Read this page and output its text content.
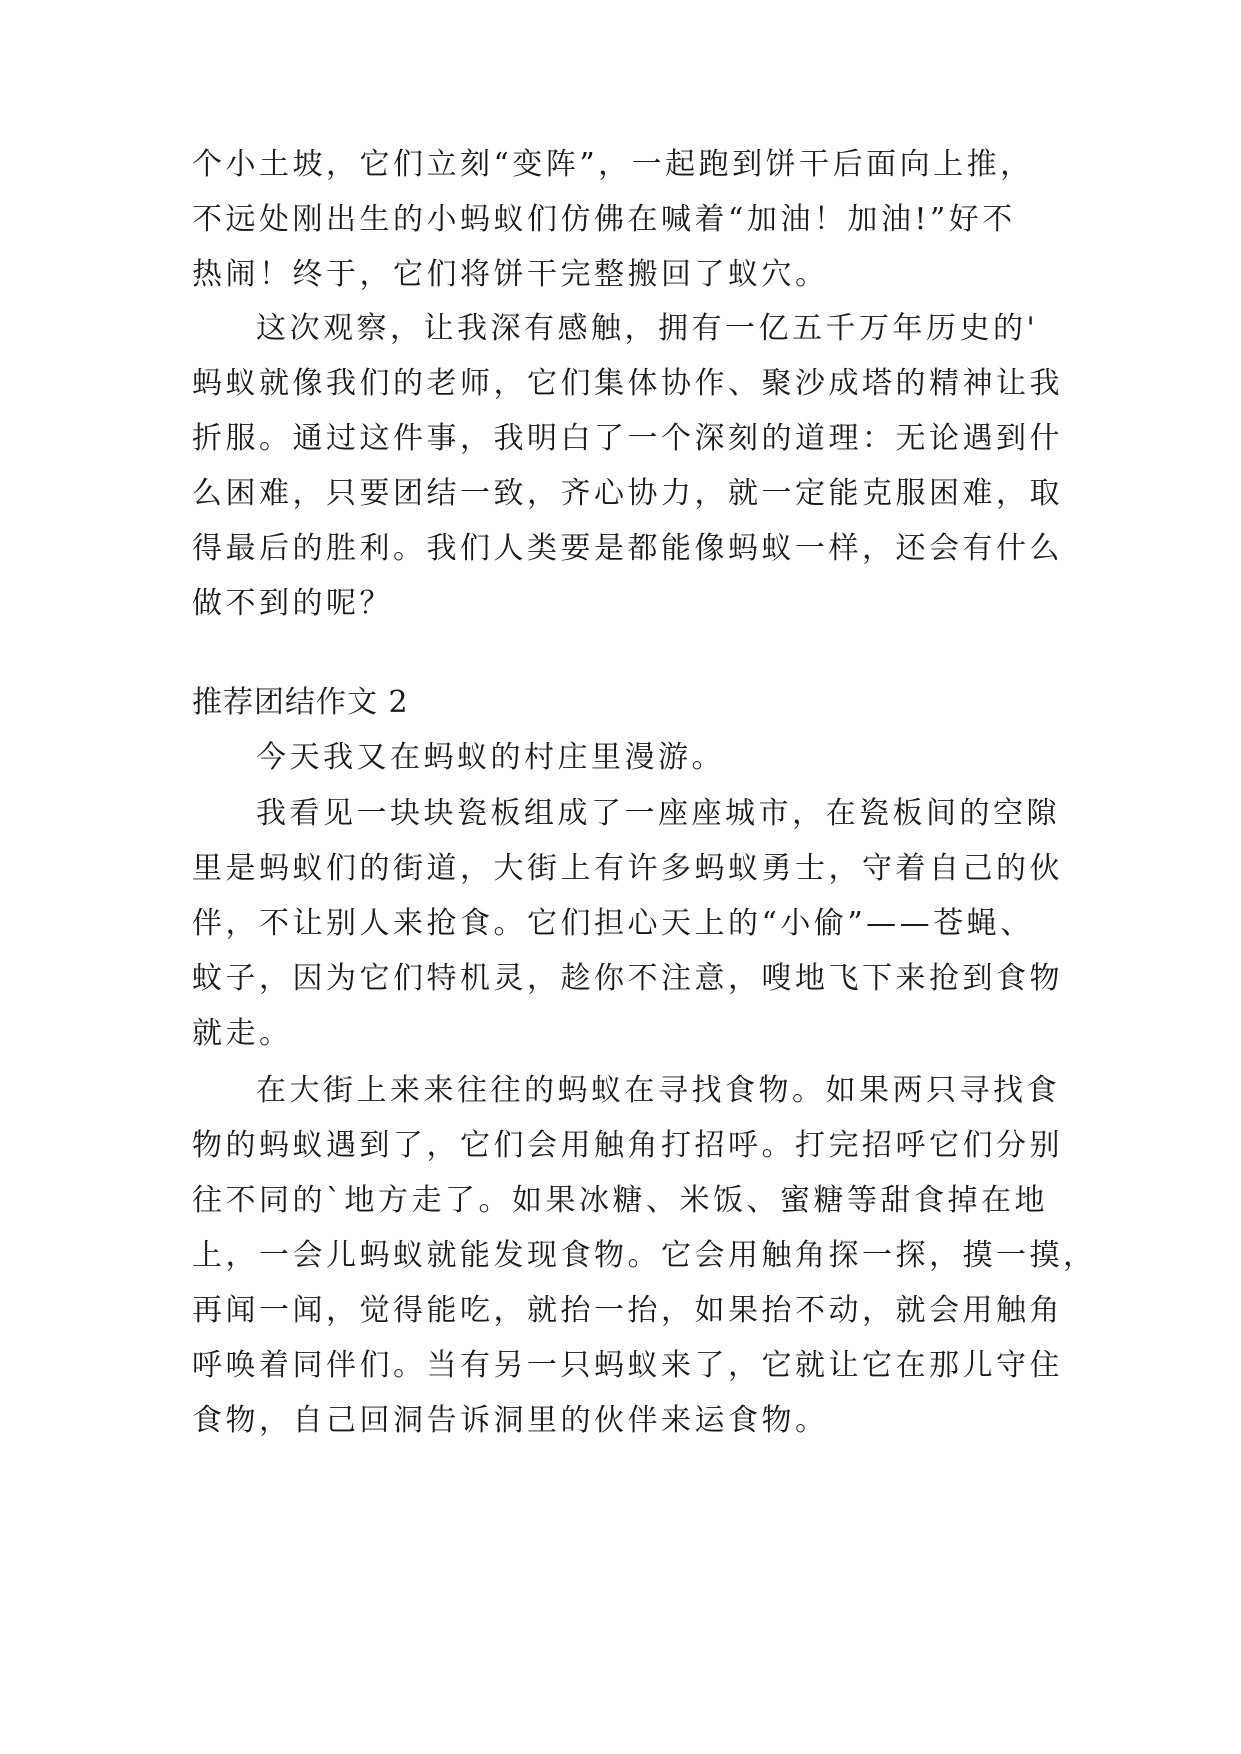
个小土坡，它们立刻“变阵”，一起跑到饼干后面向上推，

不远处刚出生的小蚂蚁们仿佛在喊着“加油！加油!”好不

热闹！终于，它们将饼干完整搬回了蚁穴。

这次观察，让我深有感触，拥有一亿五千万年历史的'

蚂蚁就像我们的老师，它们集体协作、聚沙成塔的精神让我

折服。通过这件事，我明白了一个深刻的道理：无论遇到什

么困难，只要团结一致，齐心协力，就一定能克服困难，取

得最后的胜利。我们人类要是都能像蚂蚁一样，还会有什么

做不到的呢？

推荐团结作文 2

今天我又在蚂蚁的村庄里漫游。

我看见一块块瓷板组成了一座座城市，在瓷板间的空隙

里是蚂蚁们的街道，大街上有许多蚂蚁勇士，守着自己的伙

伴，不让别人来抢食。它们担心天上的“小偷”——苍蝇、

蚊子，因为它们特机灵，趁你不注意，嗖地飞下来抢到食物

就走。

在大街上来来往往的蚂蚁在寻找食物。如果两只寻找食

物的蚂蚁遇到了，它们会用触角打招呼。打完招呼它们分别

往不同的`地方走了。如果冰糖、米饭、蜜糖等甜食掉在地

上，一会儿蚂蚁就能发现食物。它会用触角探一探，摸一摸，

再闻一闻，觉得能吃，就抬一抬，如果抬不动，就会用触角

呼唤着同伴们。当有另一只蚂蚁来了，它就让它在那儿守住

食物，自己回洞告诉洞里的伙伴来运食物。
